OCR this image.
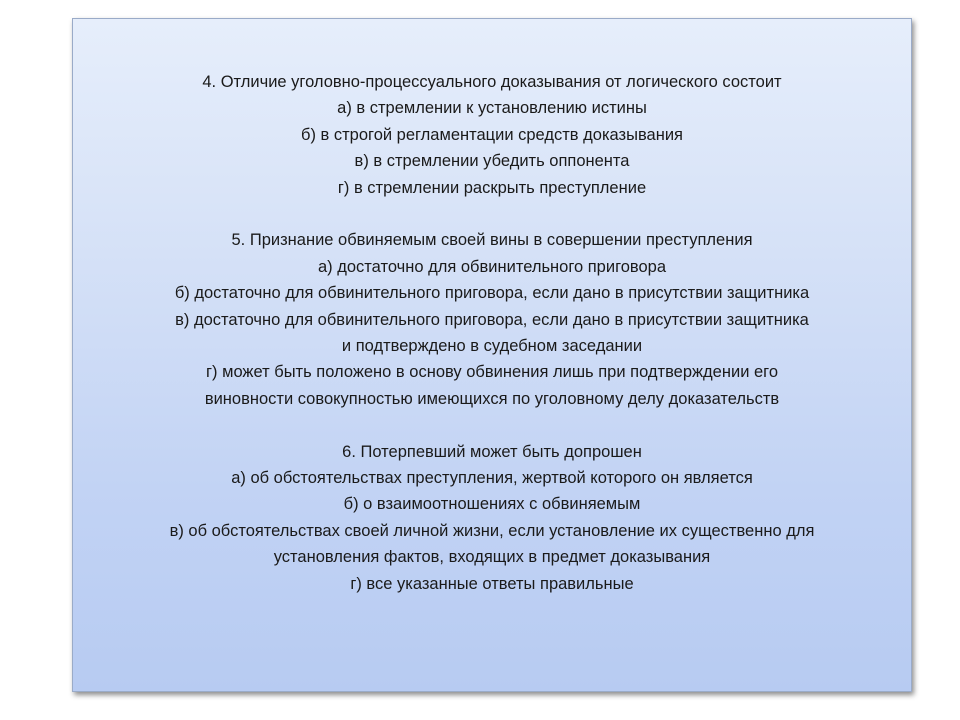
4. Отличие уголовно-процессуального доказывания от логического состоит
а) в стремлении к установлению истины
б) в строгой регламентации средств доказывания
в) в стремлении убедить оппонента
г) в стремлении раскрыть преступление
5. Признание обвиняемым своей вины в совершении преступления
а) достаточно для обвинительного приговора
б) достаточно для обвинительного приговора, если дано в присутствии защитника
в) достаточно для обвинительного приговора, если дано в присутствии защитника
и подтверждено в судебном заседании
г) может быть положено в основу обвинения лишь при подтверждении его
виновности совокупностью имеющихся по уголовному делу доказательств
6. Потерпевший может быть допрошен
а) об обстоятельствах преступления, жертвой которого он является
б) о взаимоотношениях с обвиняемым
в) об обстоятельствах своей личной жизни, если установление их существенно для
установления фактов, входящих в предмет доказывания
г) все указанные ответы правильные
